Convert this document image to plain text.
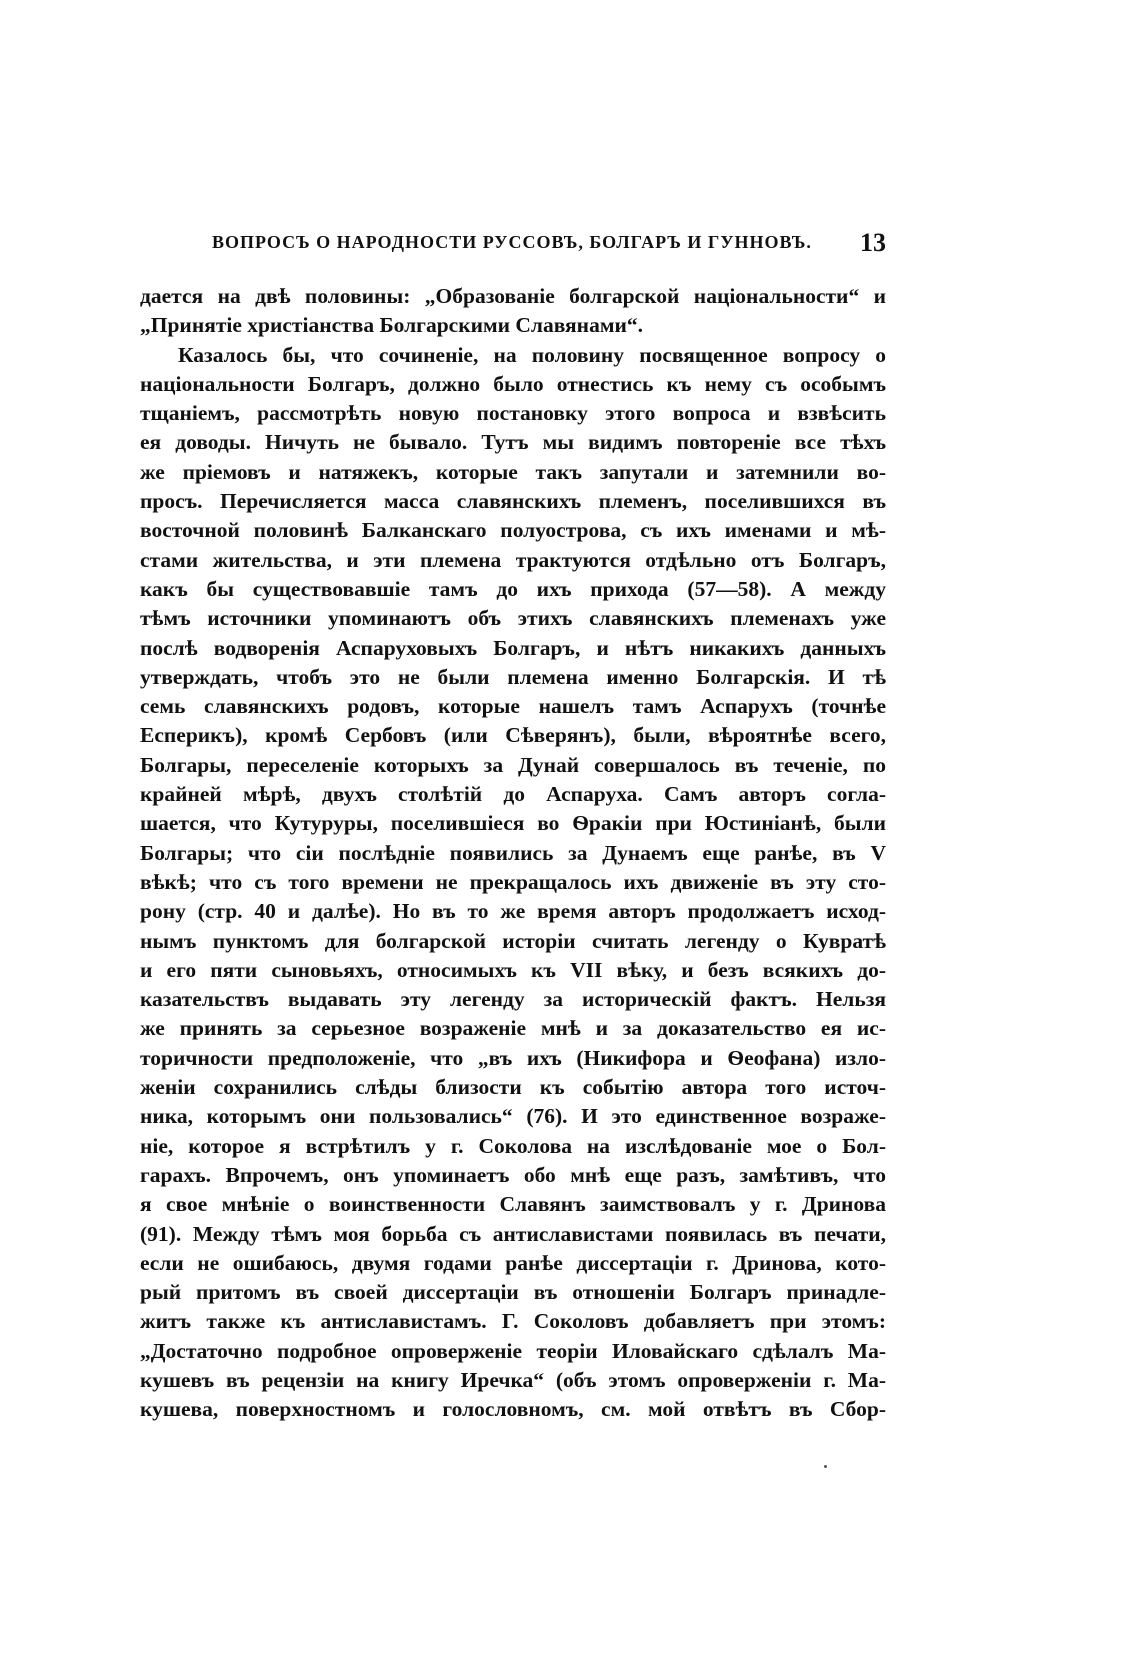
ВОПРОСЪ О НАРОДНОСТИ РУССОВЪ, БОЛГАРЪ И ГУННОВЪ. 13
дается на двѣ половины: „Образованіе болгарской національности“ и
„Принятіе христіанства Болгарскими Славянами“.
Казалось бы, что сочиненіе, на половину посвященное вопросу о
національности Болгаръ, должно было отнестись къ нему съ особымъ
тщаніемъ, рассмотрѣть новую постановку этого вопроса и взвѣсить
ея доводы. Ничуть не бывало. Тутъ мы видимъ повтореніе все тѣхъ
же пріемовъ и натяжекъ, которые такъ запутали и затемнили во-
просъ. Перечисляется масса славянскихъ племенъ, поселившихся въ
восточной половинѣ Балканскаго полуострова, съ ихъ именами и мѣ-
стами жительства, и эти племена трактуются отдѣльно отъ Болгаръ,
какъ бы существовавшіе тамъ до ихъ прихода (57—58). А между
тѣмъ источники упоминаютъ объ этихъ славянскихъ племенахъ уже
послѣ водворенія Аспаруховыхъ Болгаръ, и нѣтъ никакихъ данныхъ
утверждать, чтобъ это не были племена именно Болгарскія. И тѣ
семь славянскихъ родовъ, которые нашелъ тамъ Аспарухъ (точнѣе
Есперикъ), кромѣ Сербовъ (или Сѣверянъ), были, вѣроятнѣе всего,
Болгары, переселеніе которыхъ за Дунай совершалось въ теченіе, по
крайней мѣрѣ, двухъ столѣтій до Аспаруха. Самъ авторъ согла-
шается, что Кутуруры, поселившіеся во Ѳракіи при Юстиніанѣ, были
Болгары; что сіи послѣдніе появились за Дунаемъ еще ранѣе, въ V
вѣкѣ; что съ того времени не прекращалось ихъ движеніе въ эту сто-
рону (стр. 40 и далѣе). Но въ то же время авторъ продолжаетъ исход-
нымъ пунктомъ для болгарской исторіи считать легенду о Кувратѣ
и его пяти сыновьяхъ, относимыхъ къ VII вѣку, и безъ всякихъ до-
казательствъ выдавать эту легенду за историческій фактъ. Нельзя
же принять за серьезное возраженіе мнѣ и за доказательство ея ис-
торичности предположеніе, что „въ ихъ (Никифора и Ѳеофана) изло-
женіи сохранились слѣды близости къ событію автора того источ-
ника, которымъ они пользовались“ (76). И это единственное возраже-
ніе, которое я встрѣтилъ у г. Соколова на изслѣдованіе мое о Бол-
гарахъ. Впрочемъ, онъ упоминаетъ обо мнѣ еще разъ, замѣтивъ, что
я свое мнѣніе о воинственности Славянъ заимствовалъ у г. Дринова
(91). Между тѣмъ моя борьба съ антиславистами появилась въ печати,
если не ошибаюсь, двумя годами ранѣе диссертаціи г. Дринова, кото-
рый притомъ въ своей диссертаціи въ отношеніи Болгаръ принадле-
житъ также къ антиславистамъ. Г. Соколовъ добавляетъ при этомъ:
„Достаточно подробное опроверженіе теоріи Иловайскаго сдѣлалъ Ма-
кушевъ въ рецензіи на книгу Иречка“ (объ этомъ опроверженіи г. Ма-
кушева, поверхностномъ и голословномъ, см. мой отвѣтъ въ Сбор-
